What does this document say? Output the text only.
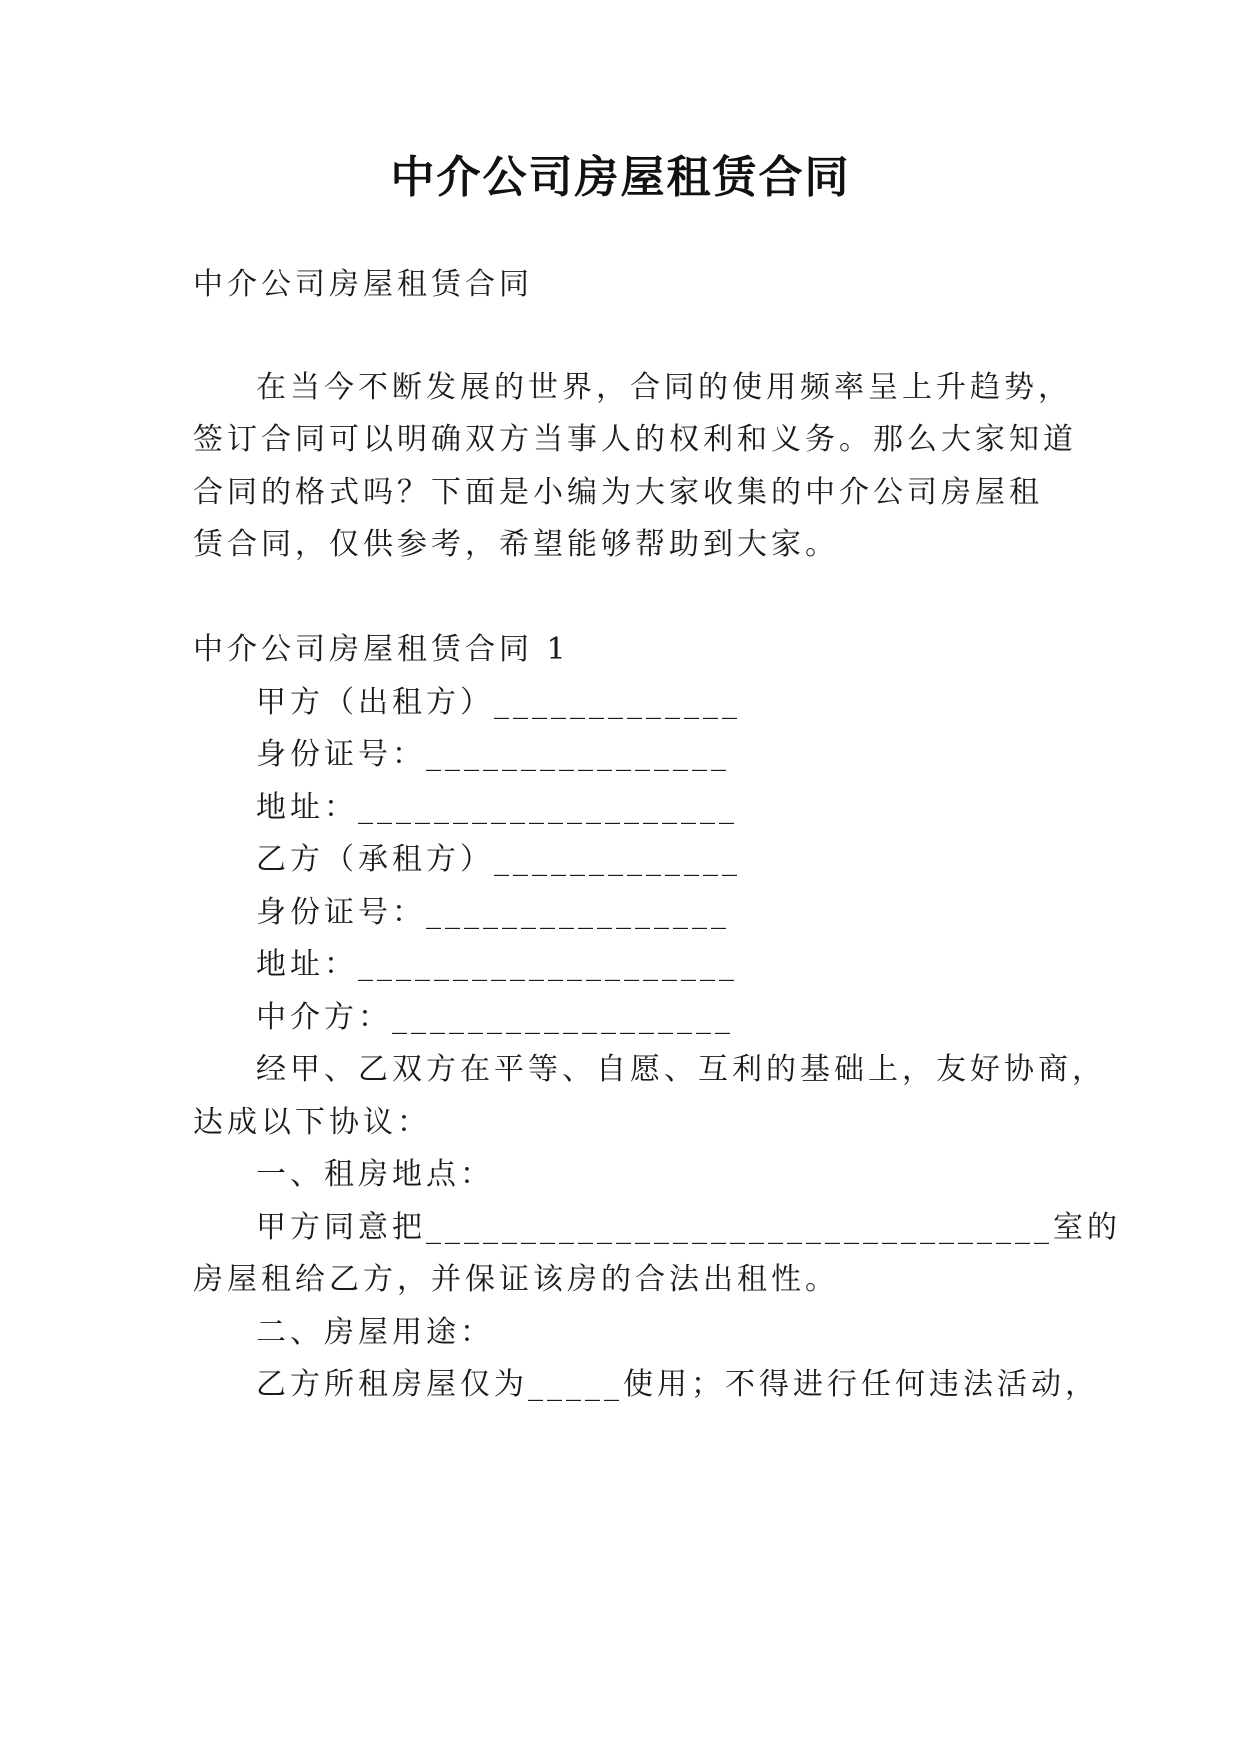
中介公司房屋租赁合同
中介公司房屋租赁合同
在当今不断发展的世界，合同的使用频率呈上升趋势，
签订合同可以明确双方当事人的权利和义务。那么大家知道
合同的格式吗？下面是小编为大家收集的中介公司房屋租
赁合同，仅供参考，希望能够帮助到大家。
中介公司房屋租赁合同 1
甲方（出租方）_____________
身份证号：________________
地址：____________________
乙方（承租方）_____________
身份证号：________________
地址：____________________
中介方：__________________
经甲、乙双方在平等、自愿、互利的基础上，友好协商，
达成以下协议：
一、租房地点：
甲方同意把_________________________________室的
房屋租给乙方，并保证该房的合法出租性。
二、房屋用途：
乙方所租房屋仅为_____使用；不得进行任何违法活动，
